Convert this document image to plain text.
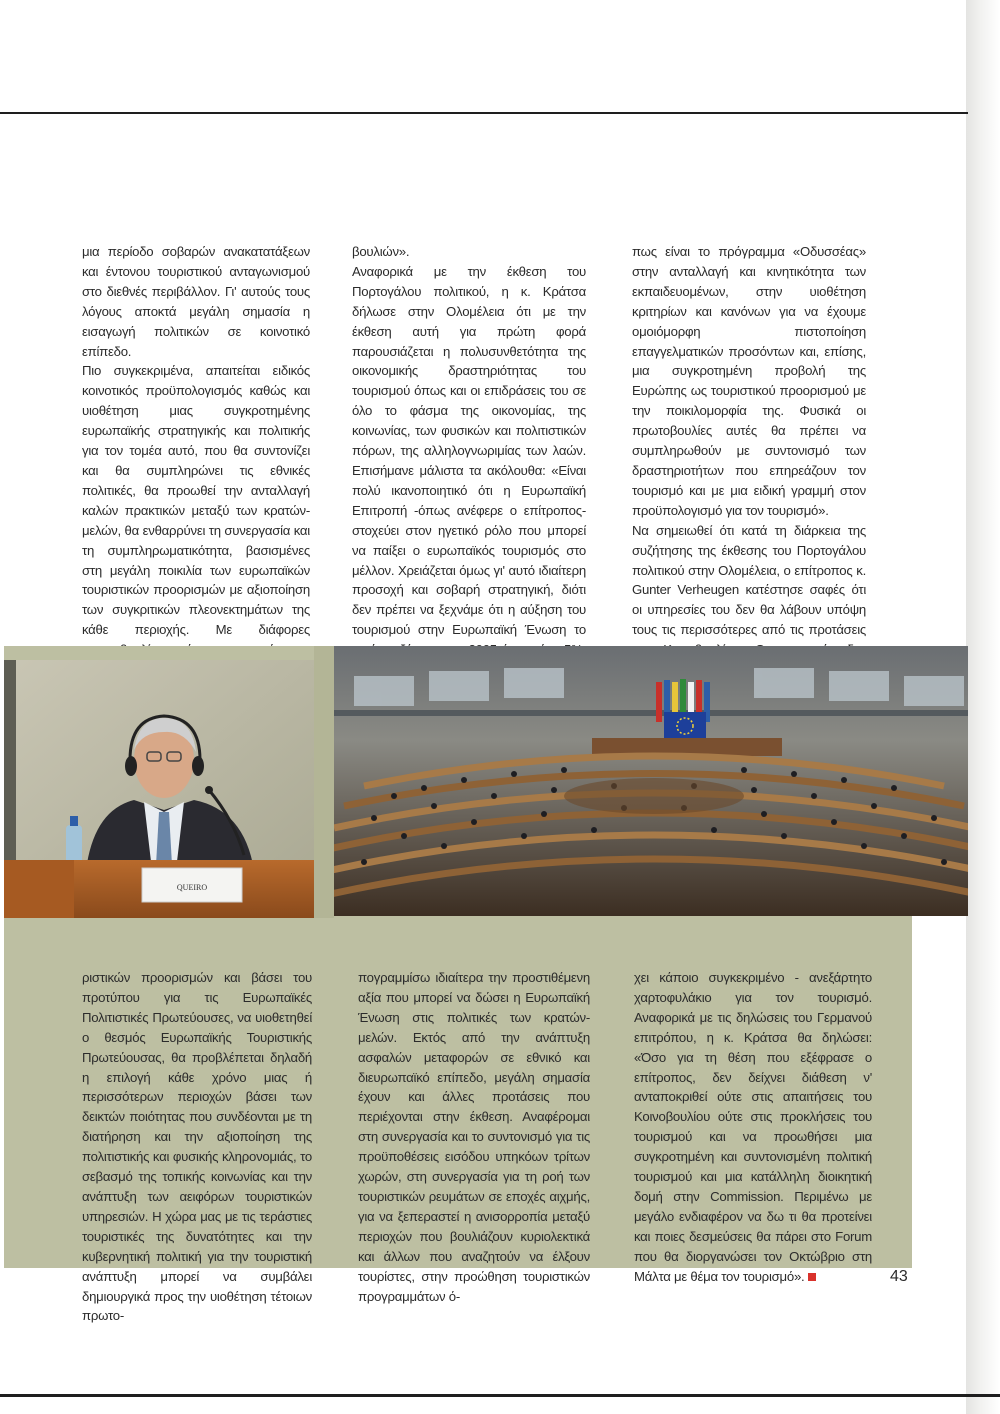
μια περίοδο σοβαρών ανακατατάξεων και έντονου τουριστικού ανταγωνισμού στο διεθνές περιβάλλον. Γι' αυτούς τους λόγους αποκτά μεγάλη σημασία η εισαγωγή πολιτικών σε κοινοτικό επίπεδο.

Πιο συγκεκριμένα, απαιτείται ειδικός κοινοτικός προϋπολογισμός καθώς και υιοθέτηση μιας συγκροτημένης ευρωπαϊκής στρατηγικής και πολιτικής για τον τομέα αυτό, που θα συντονίζει και θα συμπληρώνει τις εθνικές πολιτικές, θα προωθεί την ανταλλαγή καλών πρακτικών μεταξύ των κρατών-μελών, θα ενθαρρύνει τη συνεργασία και τη συμπληρωματικότητα, βασισμένες στη μεγάλη ποικιλία των ευρωπαϊκών τουριστικών προορισμών με αξιοποίηση των συγκριτικών πλεονεκτημάτων της κάθε περιοχής. Με διάφορες

βουλιών».

Αναφορικά με την έκθεση του Πορτογάλου πολιτικού, η κ. Κράτσα δήλωσε στην Ολομέλεια ότι με την έκθεση αυτή για πρώτη φορά παρουσιάζεται η πολυσυνθετότητα της οικονομικής δραστηριότητας του τουρισμού όπως και οι επιδράσεις του σε όλο το φάσμα της οικονομίας, της κοινωνίας, των φυσικών και πολιτιστικών πόρων, της αλληλογνωριμίας των λαών. Επισήμανε μάλιστα τα ακόλουθα: «Είναι πολύ ικανοποιητικό ότι η Ευρωπαϊκή Επιτροπή -όπως ανέφερε ο επίτροπος- στοχεύει στον ηγετικό ρόλο που μπορεί να παίξει ο ευρωπαϊκός τουρισμός στο μέλλον. Χρειάζεται όμως γι' αυτό ιδιαίτερη προσοχή και σοβαρή στρατηγική, διότι δεν πρέπει να ξεχνάμε ότι η αύξηση του τουρισμού στην Ευρωπαϊκή Ένωση το

πως είναι το πρόγραμμα «Οδυσσέας» στην ανταλλαγή και κινητικότητα των εκπαιδευομένων, στην υιοθέτηση κριτηρίων και κανόνων για να έχουμε ομοιόμορφη πιστοποίηση επαγγελματικών προσόντων και, επίσης, μια συγκροτημένη προβολή της Ευρώπης ως τουριστικού προορισμού με την ποικιλομορφία της. Φυσικά οι πρωτοβουλίες αυτές θα πρέπει να συμπληρωθούν με συντονισμό των δραστηριοτήτων που επηρεάζουν τον τουρισμό και με μια ειδική γραμμή στον προϋπολογισμό για τον τουρισμό».

Να σημειωθεί ότι κατά τη διάρκεια της συζήτησης της έκθεσης του Πορτογάλου πολιτικού στην Ολομέλεια, ο επίτροπος κ. Gunter Verheugen κατέστησε σαφές ότι οι υπηρεσίες του δεν θα λάβουν υπόψη τους τις περισσότερες από τις προτάσεις

QUEIRO

ριστικών προορισμών και βάσει του προτύπου για τις Ευρωπαϊκές Πολιτιστικές Πρωτεύουσες, να υιοθετηθεί ο θεσμός Ευρωπαϊκής Τουριστικής Πρωτεύουσας, θα προβλέπεται δηλαδή η επιλογή κάθε χρόνο μιας ή περισσότερων περιοχών βάσει των δεικτών ποιότητας που συνδέονται με τη διατήρηση και την αξιοποίηση της πολιτιστικής και φυσικής κληρονομιάς, το σεβασμό της τοπικής κοινωνίας και την ανάπτυξη των αειφόρων τουριστικών υπηρεσιών. Η χώρα μας με τις τεράστιες τουριστικές της δυνατότητες και την κυβερνητική πολιτική για την τουριστική ανάπτυξη μπορεί να συμβάλει δημιουργικά προς την υιοθέτηση τέτοιων πρωτο-

πογραμμίσω ιδιαίτερα την προστιθέμενη αξία που μπορεί να δώσει η Ευρωπαϊκή Ένωση στις πολιτικές των κρατών-μελών. Εκτός από την ανάπτυξη ασφαλών μεταφορών σε εθνικό και διευρωπαϊκό επίπεδο, μεγάλη σημασία έχουν και άλλες προτάσεις που περιέχονται στην έκθεση. Αναφέρομαι στη συνεργασία και το συντονισμό για τις προϋποθέσεις εισόδου υπηκόων τρίτων χωρών, στη συνεργασία για τη ροή των τουριστικών ρευμάτων σε εποχές αιχμής, για να ξεπεραστεί η ανισορροπία μεταξύ περιοχών που βουλιάζουν κυριολεκτικά και άλλων που αναζητούν να έλξουν τουρίστες, στην προώθηση τουριστικών προγραμμάτων ό-

χει κάποιο συγκεκριμένο - ανεξάρτητο χαρτοφυλάκιο για τον τουρισμό. Αναφορικά με τις δηλώσεις του Γερμανού επιτρόπου, η κ. Κράτσα θα δηλώσει: «Όσο για τη θέση που εξέφρασε ο επίτροπος, δεν δείχνει διάθεση ν' ανταποκριθεί ούτε στις απαιτήσεις του Κοινοβουλίου ούτε στις προκλήσεις του τουρισμού και να προωθήσει μια συγκροτημένη και συντονισμένη πολιτική τουρισμού και μια κατάλληλη διοικητική δομή στην Commission. Περιμένω με μεγάλο ενδιαφέρον να δω τι θα προτείνει και ποιες δεσμεύσεις θα πάρει στο Forum που θα διοργανώσει τον Οκτώβριο στη Μάλτα με θέμα τον τουρισμό».	43
